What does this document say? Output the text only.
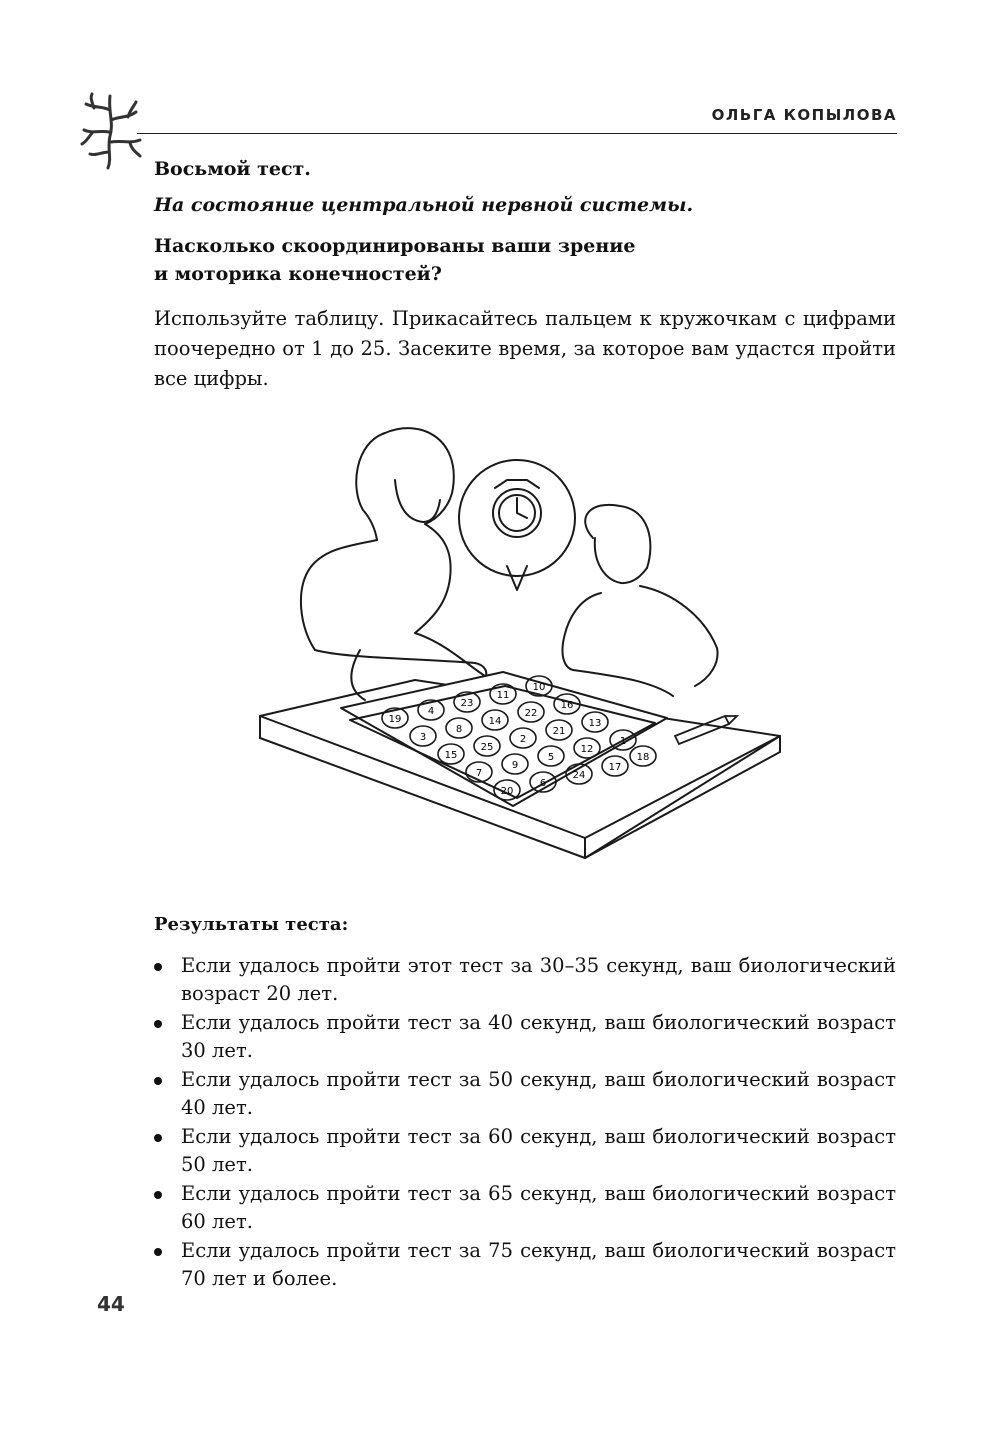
ОЛЬГА КОПЫЛОВА
Восьмой тест.
На состояние центральной нервной системы.
Насколько скоординированы ваши зрение
и моторика конечностей?
Используйте таблицу. Прикасайтесь пальцем к кружочкам с цифрами поочередно от 1 до 25. Засеките время, за которое вам удастся пройти все цифры.
19
4
23
11
10
3
8
14
22
16
15
25
2
21
13
7
9
5
12
1
20
6
24
17
18
Результаты теста:
Если удалось пройти этот тест за 30–35 секунд, ваш биологический возраст 20 лет.
Если удалось пройти тест за 40 секунд, ваш биологический возраст 30 лет.
Если удалось пройти тест за 50 секунд, ваш биологический возраст 40 лет.
Если удалось пройти тест за 60 секунд, ваш биологический возраст 50 лет.
Если удалось пройти тест за 65 секунд, ваш биологический возраст 60 лет.
Если удалось пройти тест за 75 секунд, ваш биологический возраст 70 лет и более.
44
